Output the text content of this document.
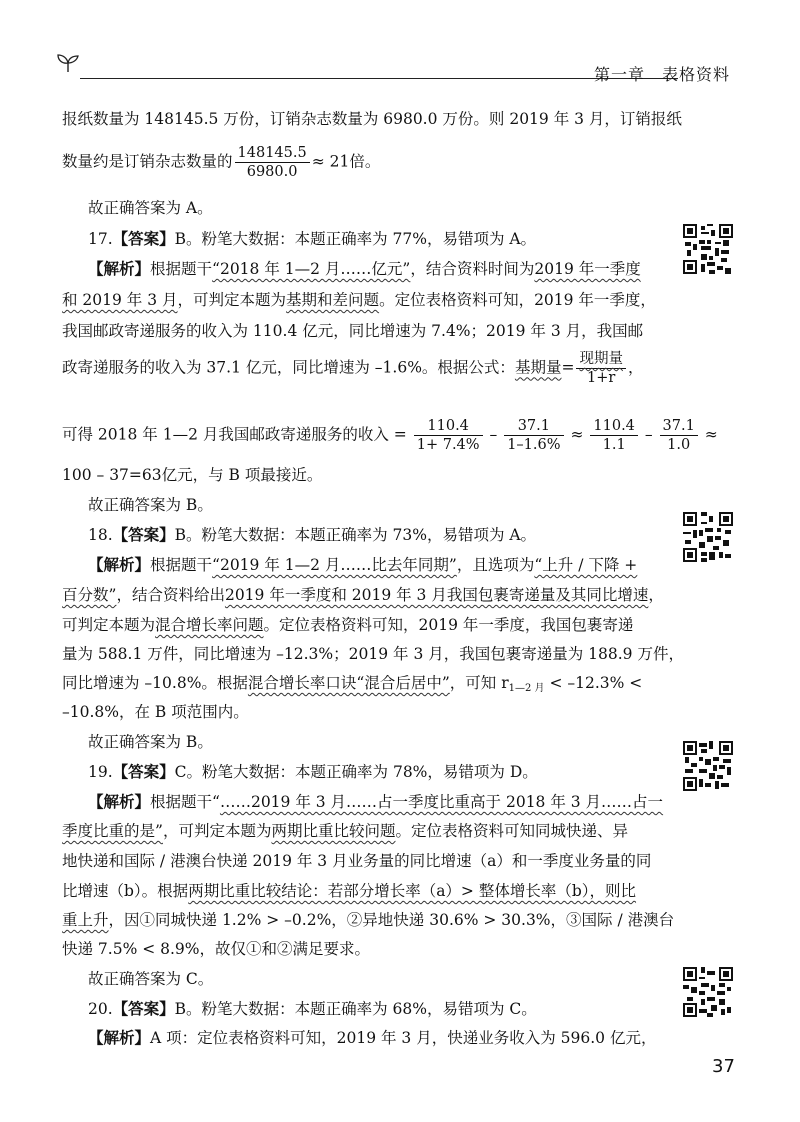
第一章　表格资料
报纸数量为 148145.5 万份，订销杂志数量为 6980.0 万份。则 2019 年 3 月，订销报纸
数量约是订销杂志数量的 $\frac{148145.5}{6980.0} \approx 21$倍。
故正确答案为 A。
17.【答案】B。粉笔大数据：本题正确率为 77%，易错项为 A。
【解析】根据题干“2018 年 1—2 月……亿元”，结合资料时间为2019 年一季度
和 2019 年 3 月，可判定本题为基期和差问题。定位表格资料可知，2019 年一季度，
我国邮政寄递服务的收入为 110.4 亿元，同比增速为 7.4%；2019 年 3 月，我国邮
政寄递服务的收入为 37.1 亿元，同比增速为 –1.6%。根据公式：基期量= $\frac{\text{现期量}}{1+r}$ ，
可得 2018 年 1—2 月我国邮政寄递服务的收入 = $\frac{110.4}{1+ 7.4\%} - \frac{37.1}{1-1.6\%} \approx \frac{110.4}{1.1} - \frac{37.1}{1.0}$ ≈
100 – 37=63亿元，与 B 项最接近。
故正确答案为 B。
18.【答案】B。粉笔大数据：本题正确率为 73%，易错项为 A。
【解析】根据题干“2019 年 1—2 月……比去年同期”，且选项为“上升 / 下降 +
百分数”，结合资料给出2019 年一季度和 2019 年 3 月我国包裹寄递量及其同比增速，
可判定本题为混合增长率问题。定位表格资料可知，2019 年一季度，我国包裹寄递
量为 588.1 万件，同比增速为 –12.3%；2019 年 3 月，我国包裹寄递量为 188.9 万件，
同比增速为 –10.8%。根据混合增长率口诀“混合后居中”，可知 $r_{1—2 月} < -12.3\%$ <
–10.8%，在 B 项范围内。
故正确答案为 B。
19.【答案】C。粉笔大数据：本题正确率为 78%，易错项为 D。
【解析】根据题干“……2019 年 3 月……占一季度比重高于 2018 年 3 月……占一
季度比重的是”，可判定本题为两期比重比较问题。定位表格资料可知同城快递、异
地快递和国际 / 港澳台快递 2019 年 3 月业务量的同比增速（a）和一季度业务量的同
比增速（b）。根据两期比重比较结论：若部分增长率（a）> 整体增长率（b），则比
重上升，因①同城快递 1.2% > –0.2%，②异地快递 30.6% > 30.3%，③国际 / 港澳台
快递 7.5% < 8.9%，故仅①和②满足要求。
故正确答案为 C。
20.【答案】B。粉笔大数据：本题正确率为 68%，易错项为 C。
【解析】A 项：定位表格资料可知，2019 年 3 月，快递业务收入为 596.0 亿元，
37
